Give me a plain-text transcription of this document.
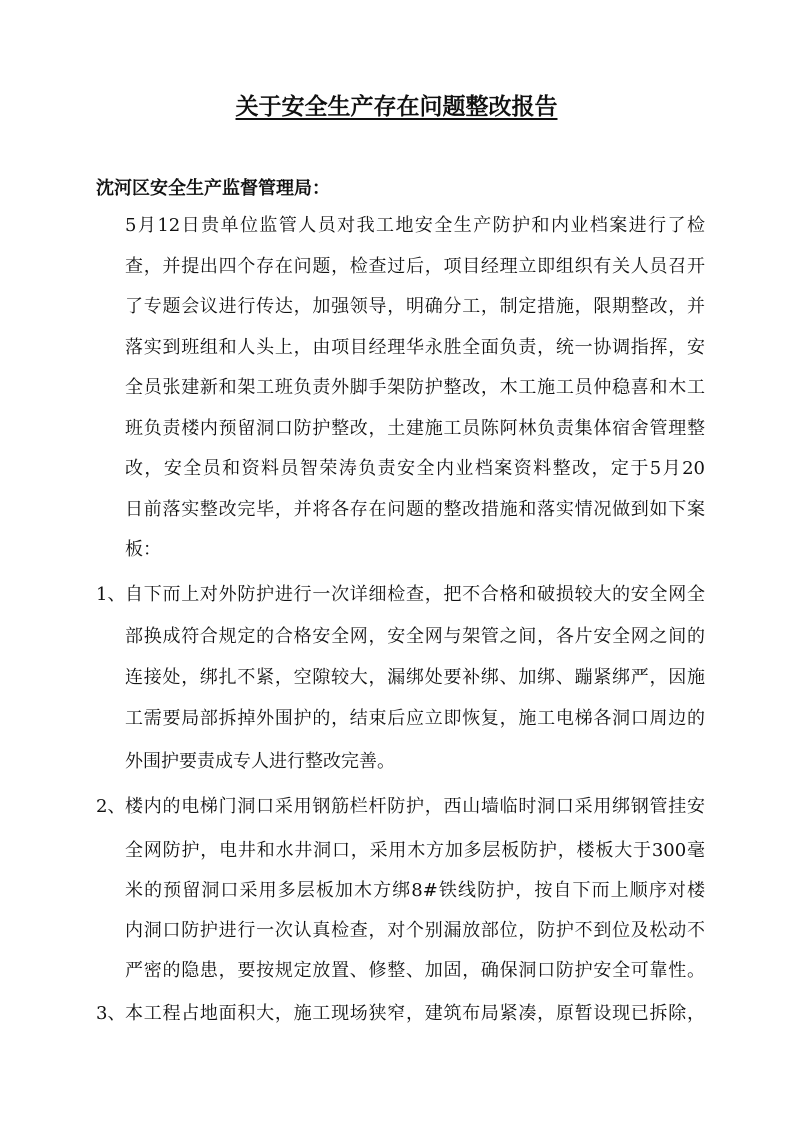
关于安全生产存在问题整改报告
沈河区安全生产监督管理局：
5月12日贵单位监管人员对我工地安全生产防护和内业档案进行了检
查，并提出四个存在问题，检查过后，项目经理立即组织有关人员召开
了专题会议进行传达，加强领导，明确分工，制定措施，限期整改，并
落实到班组和人头上，由项目经理华永胜全面负责，统一协调指挥，安
全员张建新和架工班负责外脚手架防护整改，木工施工员仲稳喜和木工
班负责楼内预留洞口防护整改，土建施工员陈阿林负责集体宿舍管理整
改，安全员和资料员智荣涛负责安全内业档案资料整改，定于5月20
日前落实整改完毕，并将各存在问题的整改措施和落实情况做到如下案
板：
1、 自下而上对外防护进行一次详细检查，把不合格和破损较大的安全网全
部换成符合规定的合格安全网，安全网与架管之间，各片安全网之间的
连接处，绑扎不紧，空隙较大，漏绑处要补绑、加绑、蹦紧绑严，因施
工需要局部拆掉外围护的，结束后应立即恢复，施工电梯各洞口周边的
外围护要责成专人进行整改完善。
2、 楼内的电梯门洞口采用钢筋栏杆防护，西山墙临时洞口采用绑钢管挂安
全网防护，电井和水井洞口，采用木方加多层板防护，楼板大于300毫
米的预留洞口采用多层板加木方绑8#铁线防护，按自下而上顺序对楼
内洞口防护进行一次认真检查，对个别漏放部位，防护不到位及松动不
严密的隐患，要按规定放置、修整、加固，确保洞口防护安全可靠性。
3、 本工程占地面积大，施工现场狭窄，建筑布局紧凑，原暂设现已拆除，
